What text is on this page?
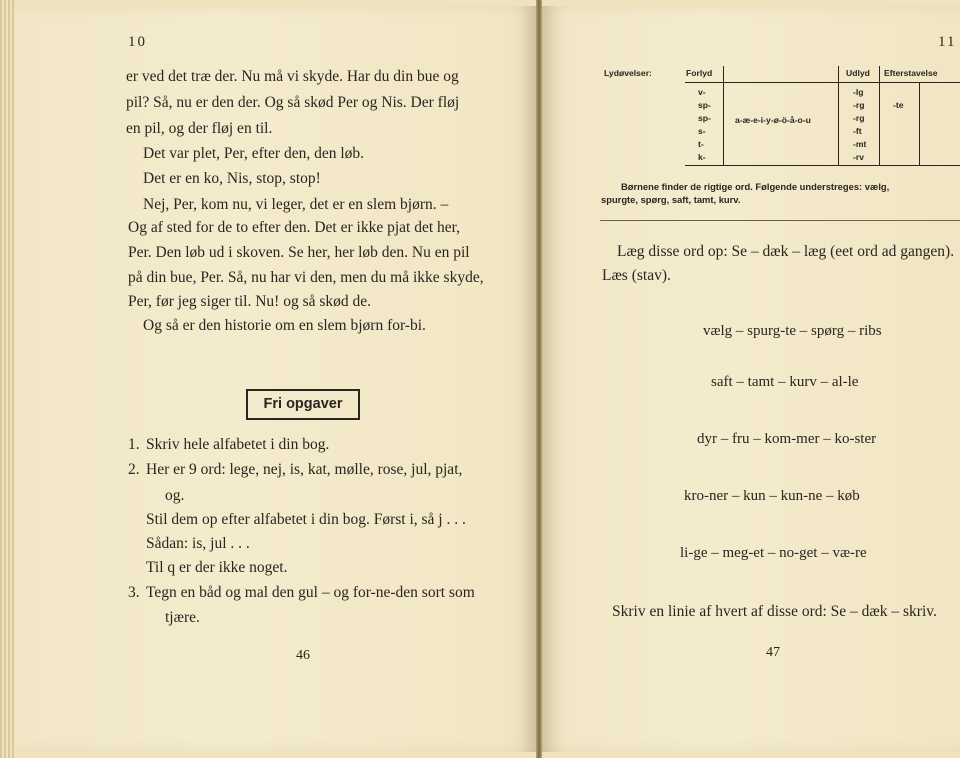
10
er ved det træ der. Nu må vi skyde. Har du din bue og
pil? Så, nu er den der. Og så skød Per og Nis. Der fløj
en pil, og der fløj en til.
Det var plet, Per, efter den, den løb.
Det er en ko, Nis, stop, stop!
Nej, Per, kom nu, vi leger, det er en slem bjørn. –
Og af sted for de to efter den. Det er ikke pjat det her,
Per. Den løb ud i skoven. Se her, her løb den. Nu en pil
på din bue, Per. Så, nu har vi den, men du må ikke skyde,
Per, før jeg siger til. Nu! og så skød de.
Og så er den historie om en slem bjørn for-bi.
Fri opgaver
1. Skriv hele alfabetet i din bog.
2. Her er 9 ord: lege, nej, is, kat, mølle, rose, jul, pjat,
og.
Stil dem op efter alfabetet i din bog. Først i, så j . . .
Sådan: is, jul . . .
Til q er der ikke noget.
3. Tegn en båd og mal den gul – og for-ne-den sort som
tjære.
46
11
Lydøvelser:	Forlyd	Udlyd Efterstavelse
v-
sp-
sp-
s-
t-
k-
a-æ-e-i-y-ø-ö-å-o-u
-lg
-rg
-rg
-ft
-mt
-rv
-te
Børnene finder de rigtige ord. Følgende understreges: vælg,
spurgte, spørg, saft, tamt, kurv.
Læg disse ord op: Se – dæk – læg (eet ord ad gangen).
Læs (stav).
vælg – spurg-te – spørg – ribs
saft – tamt – kurv – al-le
dyr – fru – kom-mer – ko-ster
kro-ner – kun – kun-ne – køb
li-ge – meg-et – no-get – væ-re
Skriv en linie af hvert af disse ord: Se – dæk – skriv.
47
